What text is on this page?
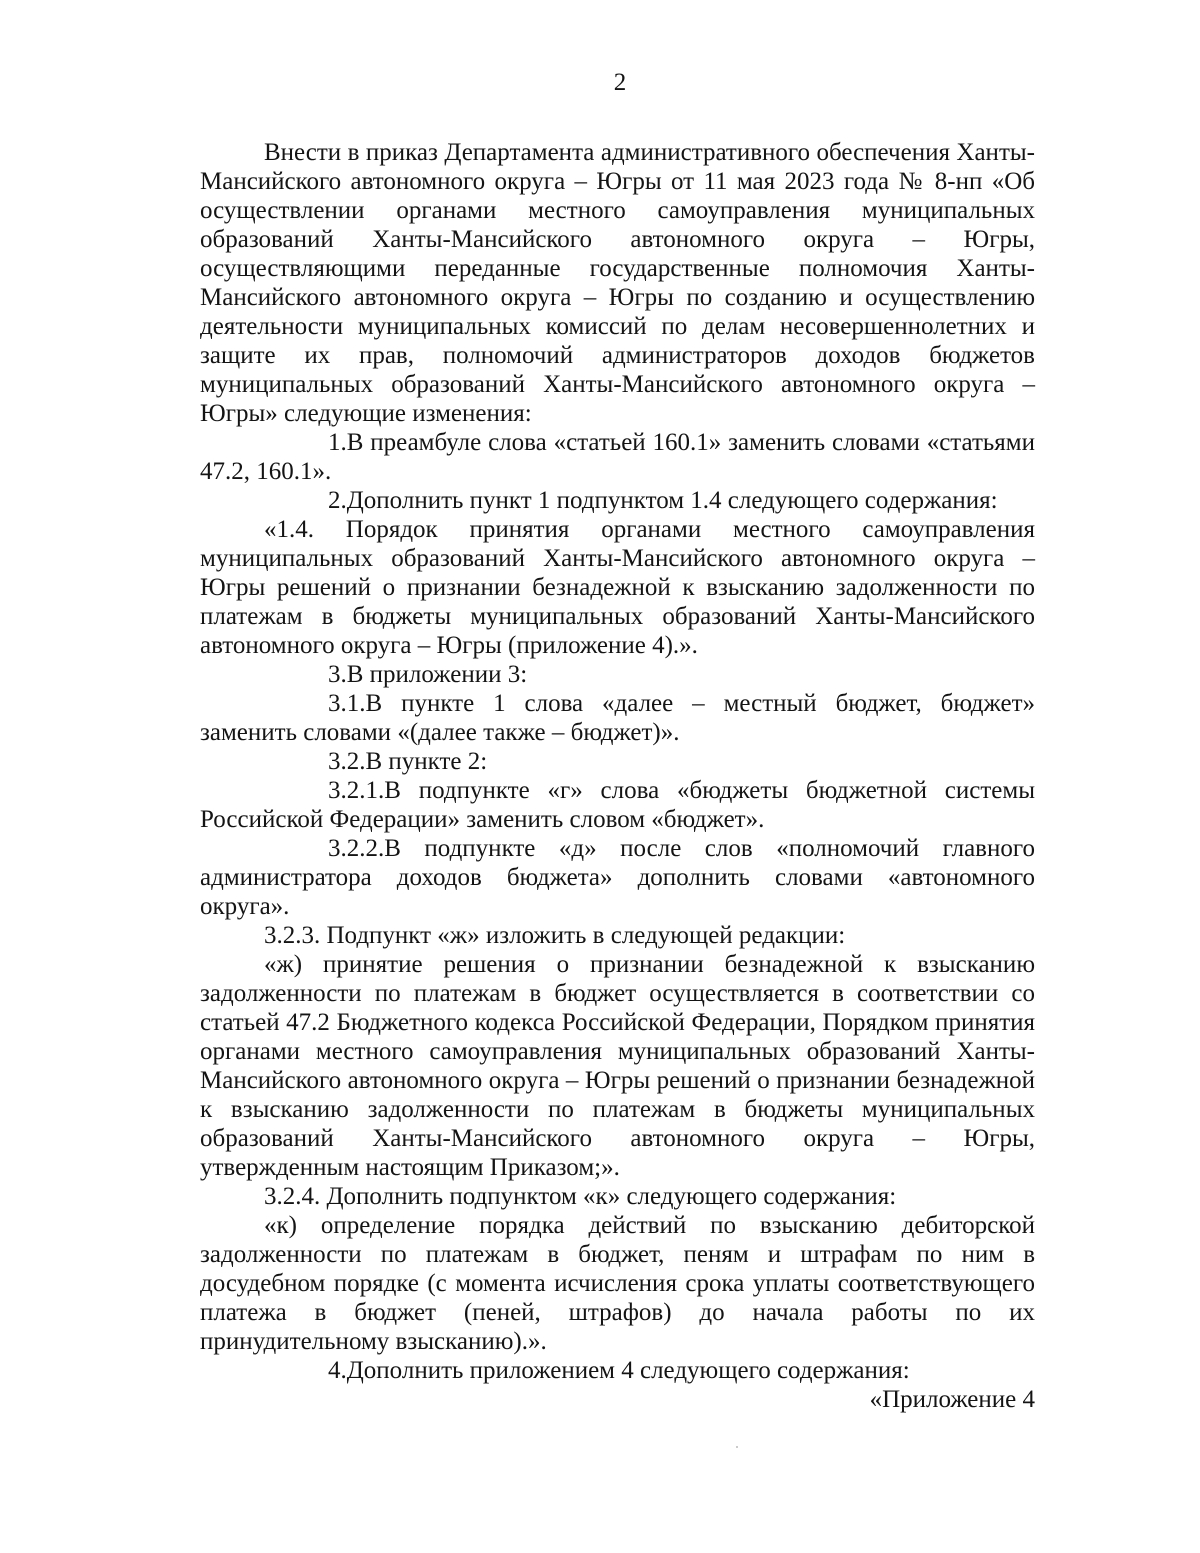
2

Внести в приказ Департамента административного обеспечения Ханты-Мансийского автономного округа – Югры от 11 мая 2023 года № 8-нп «Об осуществлении органами местного самоуправления муниципальных образований Ханты-Мансийского автономного округа – Югры, осуществляющими переданные государственные полномочия Ханты-Мансийского автономного округа – Югры по созданию и осуществлению деятельности муниципальных комиссий по делам несовершеннолетних и защите их прав, полномочий администраторов доходов бюджетов муниципальных образований Ханты-Мансийского автономного округа – Югры» следующие изменения:

1.В преамбуле слова «статьей 160.1» заменить словами «статьями 47.2, 160.1».

2.Дополнить пункт 1 подпунктом 1.4 следующего содержания:

«1.4. Порядок принятия органами местного самоуправления муниципальных образований Ханты-Мансийского автономного округа – Югры решений о признании безнадежной к взысканию задолженности по платежам в бюджеты муниципальных образований Ханты-Мансийского автономного округа – Югры (приложение 4).».

3.В приложении 3:

3.1.В пункте 1 слова «далее – местный бюджет, бюджет» заменить словами «(далее также – бюджет)».

3.2.В пункте 2:

3.2.1.В подпункте «г» слова «бюджеты бюджетной системы Российской Федерации» заменить словом «бюджет».

3.2.2.В подпункте «д» после слов «полномочий главного администратора доходов бюджета» дополнить словами «автономного округа».

3.2.3. Подпункт «ж» изложить в следующей редакции:

«ж) принятие решения о признании безнадежной к взысканию задолженности по платежам в бюджет осуществляется в соответствии со статьей 47.2 Бюджетного кодекса Российской Федерации, Порядком принятия органами местного самоуправления муниципальных образований Ханты-Мансийского автономного округа – Югры решений о признании безнадежной к взысканию задолженности по платежам в бюджеты муниципальных образований Ханты-Мансийского автономного округа – Югры, утвержденным настоящим Приказом;».

3.2.4. Дополнить подпунктом «к» следующего содержания:

«к) определение порядка действий по взысканию дебиторской задолженности по платежам в бюджет, пеням и штрафам по ним в досудебном порядке (с момента исчисления срока уплаты соответствующего платежа в бюджет (пеней, штрафов) до начала работы по их принудительному взысканию).».

4.Дополнить приложением 4 следующего содержания:

«Приложение 4
